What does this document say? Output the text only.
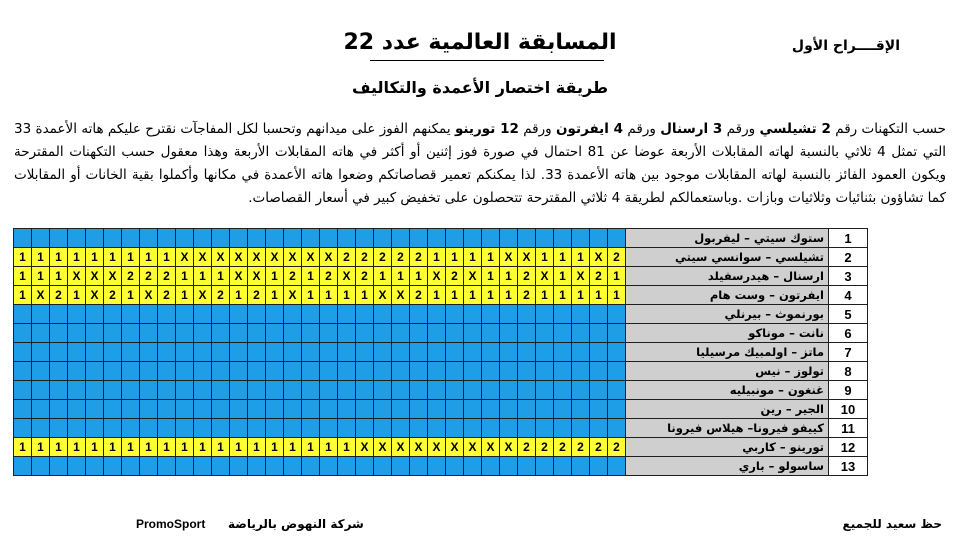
المسابقة العالمية عدد 22	الإقــــراح الأول
طريقة اختصار الأعمدة والتكاليف
حسب التكهنات رقم 2 تشيلسي ورقم 3 ارسنال ورقم 4 ايفرتون ورقم 12 تورينو يمكنهم الفوز على ميدانهم وتحسبا لكل المفاجآت نقترح عليكم هاته الأعمدة 33 التي تمثل 4 ثلاثي بالنسبة لهاته المقابلات الأربعة عوضا عن 81 احتمال في صورة فوز إثنين أو أكثر في هاته المقابلات الأربعة وهذا معقول حسب التكهنات المقترحة ويكون العمود الفائز بالنسبة لهاته المقابلات موجود بين هاته الأعمدة 33. لذا يمكنكم تعمير قصاصاتكم وضعوا هاته الأعمدة في مكانها وأكملوا بقية الخانات أو المقابلات كما تشاؤون بثنائيات وثلاثيات وبازات .وباستعمالكم لطريقة 4 ثلاثي المقترحة تتحصلون على تخفيض كبير في أسعار القصاصات.
																																		ستوك سيتي – ليفربول	1
1	1	1	1	1	1	1	1	1	X	X	X	X	X	X	X	X	X	2	2	2	2	2	1	1	1	1	X	X	1	1	1	X	2	تشيلسي – سوانسي سيتي	2
1	1	1	X	X	X	2	2	2	1	1	1	X	X	1	2	1	2	X	2	1	1	1	X	2	X	1	1	2	X	1	X	2	1	ارسنال – هيدرسفيلد	3
1	X	2	1	X	2	1	X	2	1	X	2	1	2	1	X	1	1	1	1	X	X	2	1	1	1	1	1	2	1	1	1	1	1	ايفرتون – وست هام	4
																																		بورنموث – بيرنلي	5
																																		نانت – موناكو	6
																																		ماتز – اولمبيك مرسيليا	7
																																		تولوز – نيس	8
																																		غنغون – مونبيليه	9
																																		الجير – رين	10
																																		كييفو فيرونا– هيلاس فيرونا	11
1	1	1	1	1	1	1	1	1	1	1	1	1	1	1	1	1	1	1	X	X	X	X	X	X	X	X	X	2	2	2	2	2	2	تورينو – كاربي	12
																																		ساسولو – باري	13
حظ سعيد للجميع
شركة النهوض بالرياضة
PromoSport
